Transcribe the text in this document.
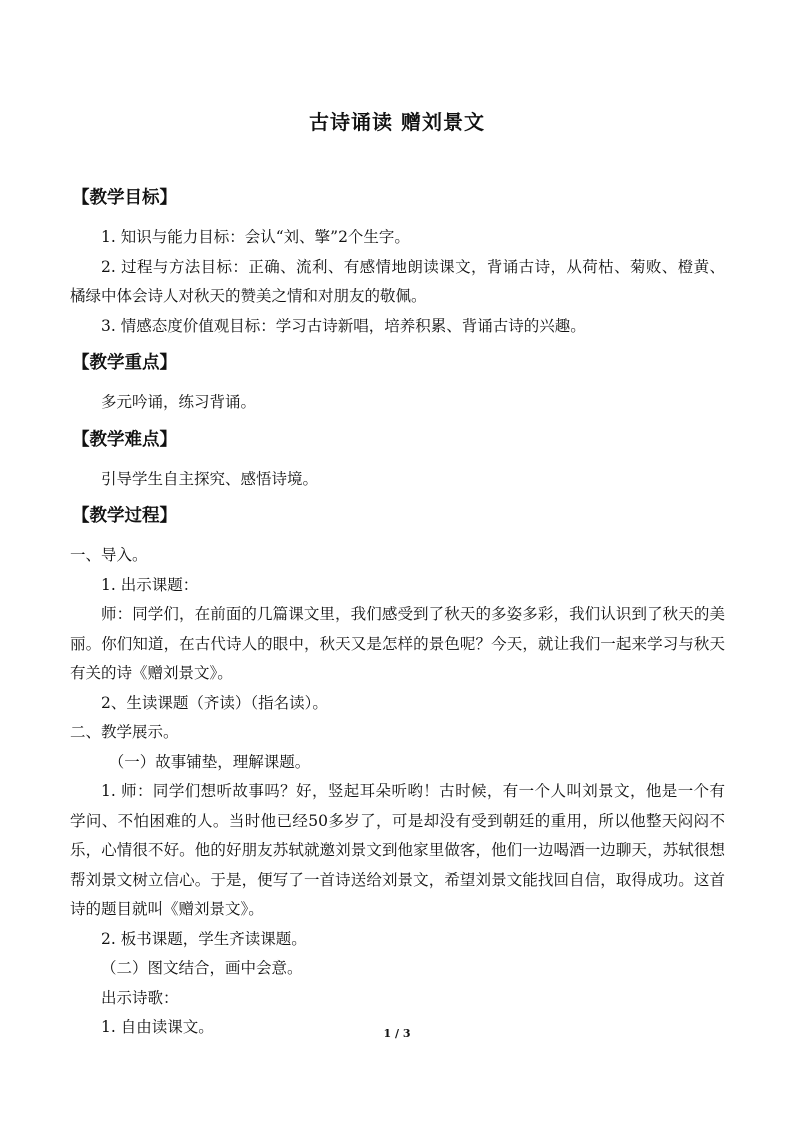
古诗诵读 赠刘景文
【教学目标】

1. 知识与能力目标：会认“刘、擎”2个生字。

2. 过程与方法目标：正确、流利、有感情地朗读课文，背诵古诗，从荷枯、菊败、橙黄、橘绿中体会诗人对秋天的赞美之情和对朋友的敬佩。

3. 情感态度价值观目标：学习古诗新唱，培养积累、背诵古诗的兴趣。

【教学重点】

多元吟诵，练习背诵。

【教学难点】

引导学生自主探究、感悟诗境。

【教学过程】

一、导入。

1. 出示课题：

师：同学们，在前面的几篇课文里，我们感受到了秋天的多姿多彩，我们认识到了秋天的美丽。你们知道，在古代诗人的眼中，秋天又是怎样的景色呢？今天，就让我们一起来学习与秋天有关的诗《赠刘景文》。

2、生读课题（齐读）（指名读）。

二、教学展示。

（一）故事铺垫，理解课题。

1. 师：同学们想听故事吗？好，竖起耳朵听哟！古时候，有一个人叫刘景文，他是一个有学问、不怕困难的人。当时他已经50多岁了，可是却没有受到朝廷的重用，所以他整天闷闷不乐，心情很不好。他的好朋友苏轼就邀刘景文到他家里做客，他们一边喝酒一边聊天，苏轼很想帮刘景文树立信心。于是，便写了一首诗送给刘景文，希望刘景文能找回自信，取得成功。这首诗的题目就叫《赠刘景文》。

2. 板书课题，学生齐读课题。

（二）图文结合，画中会意。

出示诗歌：

1. 自由读课文。	1 / 3
